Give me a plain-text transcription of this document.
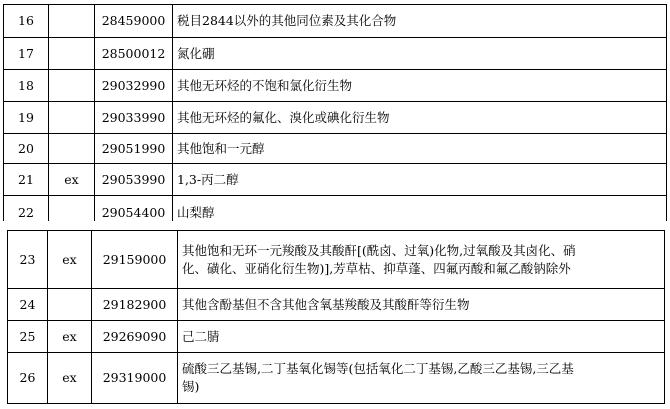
16		28459000	税目2844以外的其他同位素及其化合物
17		28500012	氮化硼
18		29032990	其他无环烃的不饱和氯化衍生物
19		29033990	其他无环烃的氟化、溴化或碘化衍生物
20		29051990	其他饱和一元醇
21	ex	29053990	1,3-丙二醇
22		29054400	山梨醇
23	ex	29159000	其他饱和无环一元羧酸及其酸酐[(酰卤、过氧)化物,过氧酸及其卤化、硝
化、磺化、亚硝化衍生物)],芳草枯、抑草蓬、四氟丙酸和氟乙酸钠除外

24		29182900	其他含酚基但不含其他含氧基羧酸及其酸酐等衍生物
25	ex	29269090	己二腈
26	ex	29319000	硫酸三乙基锡,二丁基氧化锡等(包括氧化二丁基锡,乙酸三乙基锡,三乙基
锡)
